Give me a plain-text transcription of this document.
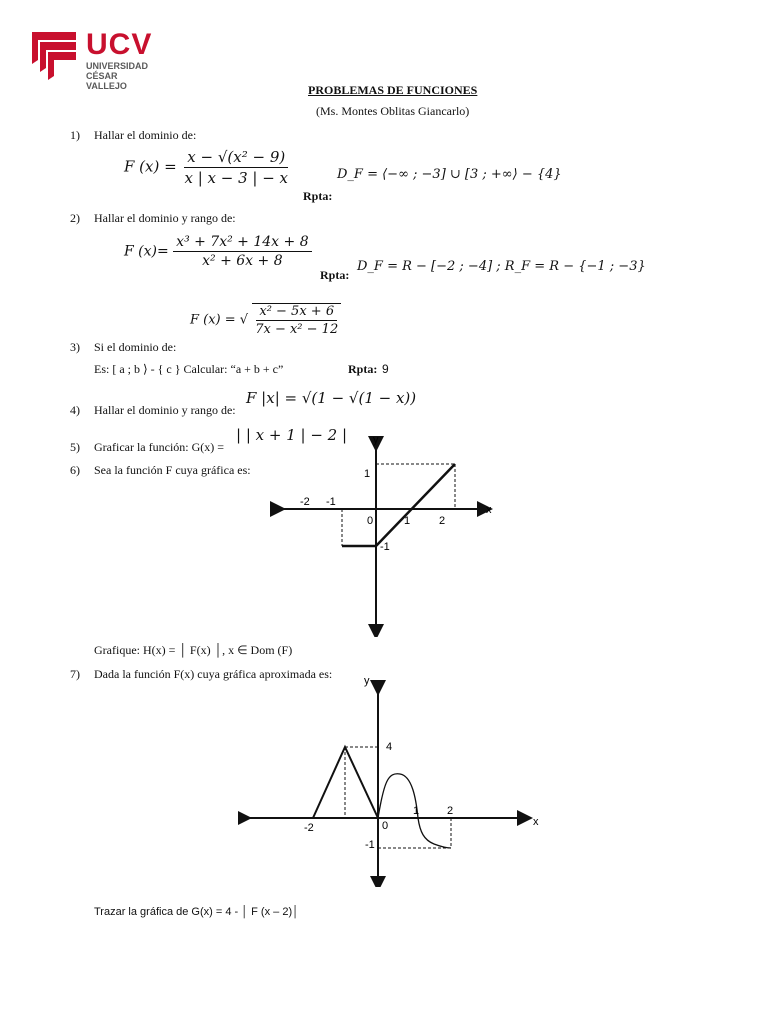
UCV
UNIVERSIDAD
CÉSAR VALLEJO	PROBLEMAS DE FUNCIONES
(Ms. Montes Oblitas Giancarlo)
1) Hallar el dominio de:
F $(x) = \frac{\text{x − √(x² − 9)}}{x | x - 3 | - x}$
Rpta:
D_F = ⟨−∞ ; −3] ∪ [3 ; +∞⟩ − {4}
2) Hallar el dominio y rango de:
F $(x)= \frac{\text{x³ + 7x² + 14x + 8}}{\text{x² + 6x + 8}}$
Rpta:
D_F = R − [−2 ; −4] ; R_F = R − {−1 ; −3}
F (x) = √ $\frac{\text{x² − 5x + 6}}{\text{7x − x² − 12}}$
3) Si el dominio de:
Es: [ a ; b ⟩ - { c } Calcular: “a + b + c”	Rpta: 9
4) Hallar el dominio y rango de:
F |x| = √(1 − √(1 − x))
5) Graficar la función: G(x) =
| | x + 1 | − 2 |
6) Sea la función F cuya gráfica es:
y
x
-2 -1
0	1	2
1
-1
Grafique: H(x) = │ F(x) │, x ∈ Dom (F)
7) Dada la función F(x) cuya gráfica aproximada es:	y
x
-2	0
1	2
4
-1
Trazar la gráfica de G(x) = 4 - │ F (x – 2)│
